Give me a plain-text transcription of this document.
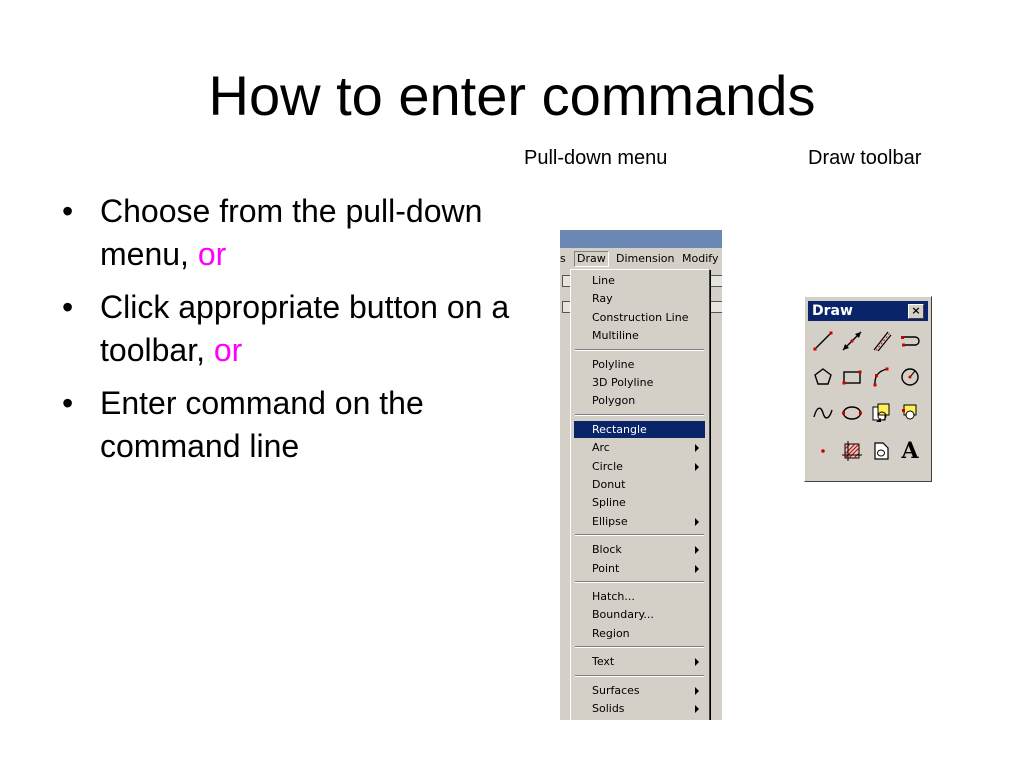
How to enter commands
Pull-down menu	Draw toolbar
• Choose from the pull-down menu, or
• Click appropriate button on a toolbar, or
• Enter command on the command line
s Draw Dimension Modify
Line
Ray
Construction Line
Multiline
Polyline
3D Polyline
Polygon
Rectangle
Arc
Circle
Donut
Spline
Ellipse
Block
Point
Hatch...
Boundary...
Region
Text
Surfaces
Solids
Draw	×
A
